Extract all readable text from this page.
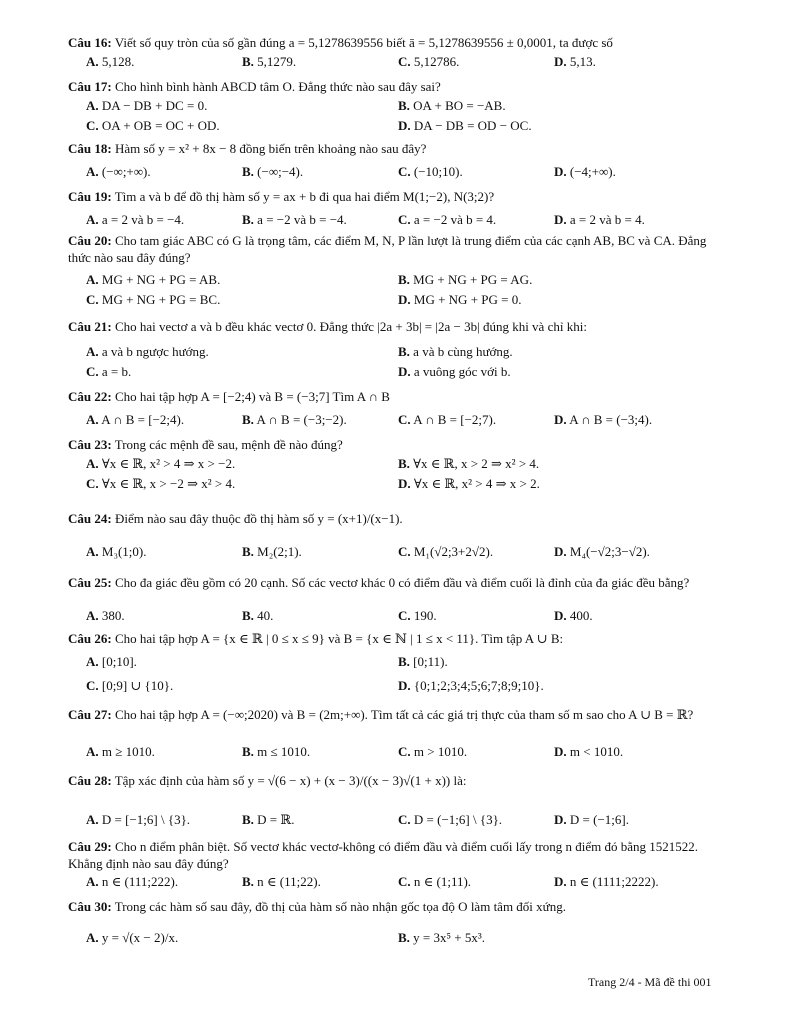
Câu 16: Viết số quy tròn của số gần đúng a = 5,1278639556 biết ā = 5,1278639556 ± 0,0001, ta được số
A. 5,128.	B. 5,1279.	C. 5,12786.	D. 5,13.
Câu 17: Cho hình bình hành ABCD tâm O. Đẳng thức nào sau đây sai?
A. DA − DB + DC = 0.	B. OA + BO = −AB.
C. OA + OB = OC + OD.	D. DA − DB = OD − OC.
Câu 18: Hàm số y = x² + 8x − 8 đồng biến trên khoảng nào sau đây?
A. (−∞;+∞).	B. (−∞;−4).	C. (−10;10).	D. (−4;+∞).
Câu 19: Tìm a và b để đồ thị hàm số y = ax + b đi qua hai điểm M(1;−2), N(3;2)?
A. a = 2 và b = −4.	B. a = −2 và b = −4.	C. a = −2 và b = 4.	D. a = 2 và b = 4.
Câu 20: Cho tam giác ABC có G là trọng tâm, các điểm M, N, P lần lượt là trung điểm của các cạnh AB, BC và CA. Đẳng thức nào sau đây đúng?
A. MG + NG + PG = AB.	B. MG + NG + PG = AG.
C. MG + NG + PG = BC.	D. MG + NG + PG = 0.
Câu 21: Cho hai vectơ a và b đều khác vectơ 0. Đẳng thức |2a + 3b| = |2a − 3b| đúng khi và chỉ khi:
A. a và b ngược hướng.	B. a và b cùng hướng.
C. a = b.	D. a vuông góc với b.
Câu 22: Cho hai tập hợp A = [−2;4) và B = (−3;7] Tìm A ∩ B
A. A ∩ B = [−2;4).	B. A ∩ B = (−3;−2).	C. A ∩ B = [−2;7).	D. A ∩ B = (−3;4).
Câu 23: Trong các mệnh đề sau, mệnh đề nào đúng?
A. ∀x ∈ ℝ, x² > 4 ⇒ x > −2.	B. ∀x ∈ ℝ, x > 2 ⇒ x² > 4.
C. ∀x ∈ ℝ, x > −2 ⇒ x² > 4.	D. ∀x ∈ ℝ, x² > 4 ⇒ x > 2.
Câu 24: Điểm nào sau đây thuộc đồ thị hàm số y = (x+1)/(x−1).
A. M₃(1;0).	B. M₂(2;1).	C. M₁(√2;3+2√2).	D. M₄(−√2;3−√2).
Câu 25: Cho đa giác đều gồm có 20 cạnh. Số các vectơ khác 0 có điểm đầu và điểm cuối là đỉnh của đa giác đều bằng?
A. 380.	B. 40.	C. 190.	D. 400.
Câu 26: Cho hai tập hợp A = {x ∈ ℝ | 0 ≤ x ≤ 9} và B = {x ∈ ℕ | 1 ≤ x < 11}. Tìm tập A ∪ B:
A. [0;10].	B. [0;11).
C. [0;9] ∪ {10}.	D. {0;1;2;3;4;5;6;7;8;9;10}.
Câu 27: Cho hai tập hợp A = (−∞;2020) và B = (2m;+∞). Tìm tất cả các giá trị thực của tham số m sao cho A ∪ B = ℝ?
A. m ≥ 1010.	B. m ≤ 1010.	C. m > 1010.	D. m < 1010.
Câu 28: Tập xác định của hàm số y = √(6 − x) + (x − 3)/((x − 3)√(1 + x)) là:
A. D = [−1;6] \ {3}.	B. D = ℝ.	C. D = (−1;6] \ {3}.	D. D = (−1;6].
Câu 29: Cho n điểm phân biệt. Số vectơ khác vectơ-không có điểm đầu và điểm cuối lấy trong n điểm đó bằng 1521522. Khẳng định nào sau đây đúng?
A. n ∈ (111;222).	B. n ∈ (11;22).	C. n ∈ (1;11).	D. n ∈ (1111;2222).
Câu 30: Trong các hàm số sau đây, đồ thị của hàm số nào nhận gốc tọa độ O làm tâm đối xứng.
A. y = √(x − 2)/x.	B. y = 3x⁵ + 5x³.
Trang 2/4 - Mã đề thi 001
